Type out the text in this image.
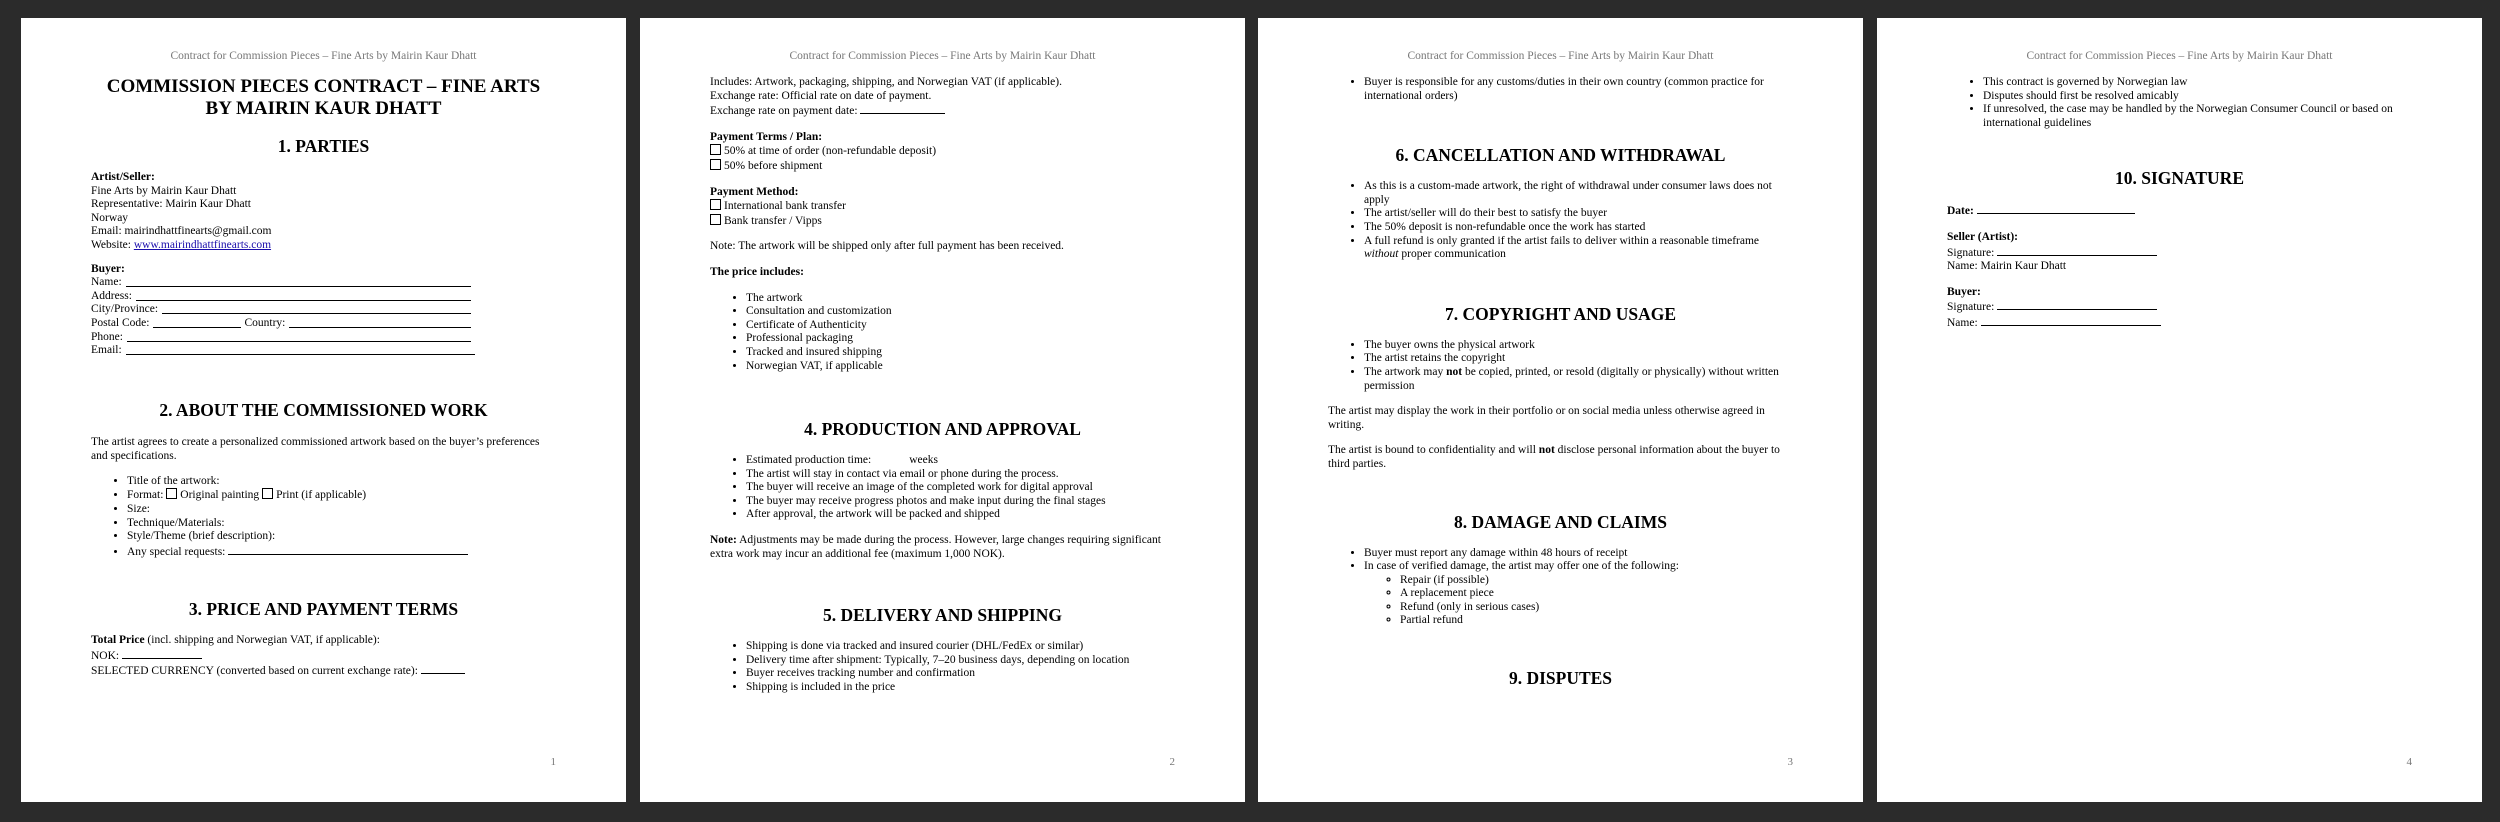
Contract for Commission Pieces – Fine Arts by Mairin Kaur Dhatt
COMMISSION PIECES CONTRACT – FINE ARTS
BY MAIRIN KAUR DHATT
1. PARTIES
Artist/Seller:
Fine Arts by Mairin Kaur Dhatt
Representative: Mairin Kaur Dhatt
Norway
Email: mairindhattfinearts@gmail.com
Website: www.mairindhattfinearts.com
Buyer:
Name:
Address:
City/Province:
Postal Code:	Country:
Phone:
Email:
2. ABOUT THE COMMISSIONED WORK

The artist agrees to create a personalized commissioned artwork based on the buyer’s preferences and specifications.

• Title of the artwork:
• Format: Original painting Print (if applicable)
• Size:
• Technique/Materials:
• Style/Theme (brief description):
• Any special requests:
3. PRICE AND PAYMENT TERMS
Total Price (incl. shipping and Norwegian VAT, if applicable):
NOK:
SELECTED CURRENCY (converted based on current exchange rate):
1
Contract for Commission Pieces – Fine Arts by Mairin Kaur Dhatt
Includes: Artwork, packaging, shipping, and Norwegian VAT (if applicable).
Exchange rate: Official rate on date of payment.
Exchange rate on payment date:
Payment Terms / Plan:
50% at time of order (non-refundable deposit)
50% before shipment
Payment Method:
International bank transfer
Bank transfer / Vipps
Note: The artwork will be shipped only after full payment has been received.
The price includes:
• The artwork
• Consultation and customization
• Certificate of Authenticity
• Professional packaging
• Tracked and insured shipping
• Norwegian VAT, if applicable
4. PRODUCTION AND APPROVAL
• Estimated production time:	weeks
• The artist will stay in contact via email or phone during the process.
• The buyer will receive an image of the completed work for digital approval
• The buyer may receive progress photos and make input during the final stages
• After approval, the artwork will be packed and shipped
Note: Adjustments may be made during the process. However, large changes requiring significant extra work may incur an additional fee (maximum 1,000 NOK).
5. DELIVERY AND SHIPPING
• Shipping is done via tracked and insured courier (DHL/FedEx or similar)
• Delivery time after shipment: Typically, 7–20 business days, depending on location
• Buyer receives tracking number and confirmation
• Shipping is included in the price
2
Contract for Commission Pieces – Fine Arts by Mairin Kaur Dhatt
• Buyer is responsible for any customs/duties in their own country (common practice for international orders)
6. CANCELLATION AND WITHDRAWAL
• As this is a custom-made artwork, the right of withdrawal under consumer laws does not apply
• The artist/seller will do their best to satisfy the buyer
• The 50% deposit is non-refundable once the work has started
• A full refund is only granted if the artist fails to deliver within a reasonable timeframe without proper communication
7. COPYRIGHT AND USAGE
• The buyer owns the physical artwork
• The artist retains the copyright
• The artwork may not be copied, printed, or resold (digitally or physically) without written permission
The artist may display the work in their portfolio or on social media unless otherwise agreed in writing.
The artist is bound to confidentiality and will not disclose personal information about the buyer to third parties.
8. DAMAGE AND CLAIMS
• Buyer must report any damage within 48 hours of receipt
• In case of verified damage, the artist may offer one of the following:
◦ Repair (if possible)
◦ A replacement piece
◦ Refund (only in serious cases)
◦ Partial refund
9. DISPUTES
3
Contract for Commission Pieces – Fine Arts by Mairin Kaur Dhatt
• This contract is governed by Norwegian law
• Disputes should first be resolved amicably
• If unresolved, the case may be handled by the Norwegian Consumer Council or based on international guidelines
10. SIGNATURE
Date:
Seller (Artist):
Signature:
Name: Mairin Kaur Dhatt
Buyer:
Signature:
Name:
4
